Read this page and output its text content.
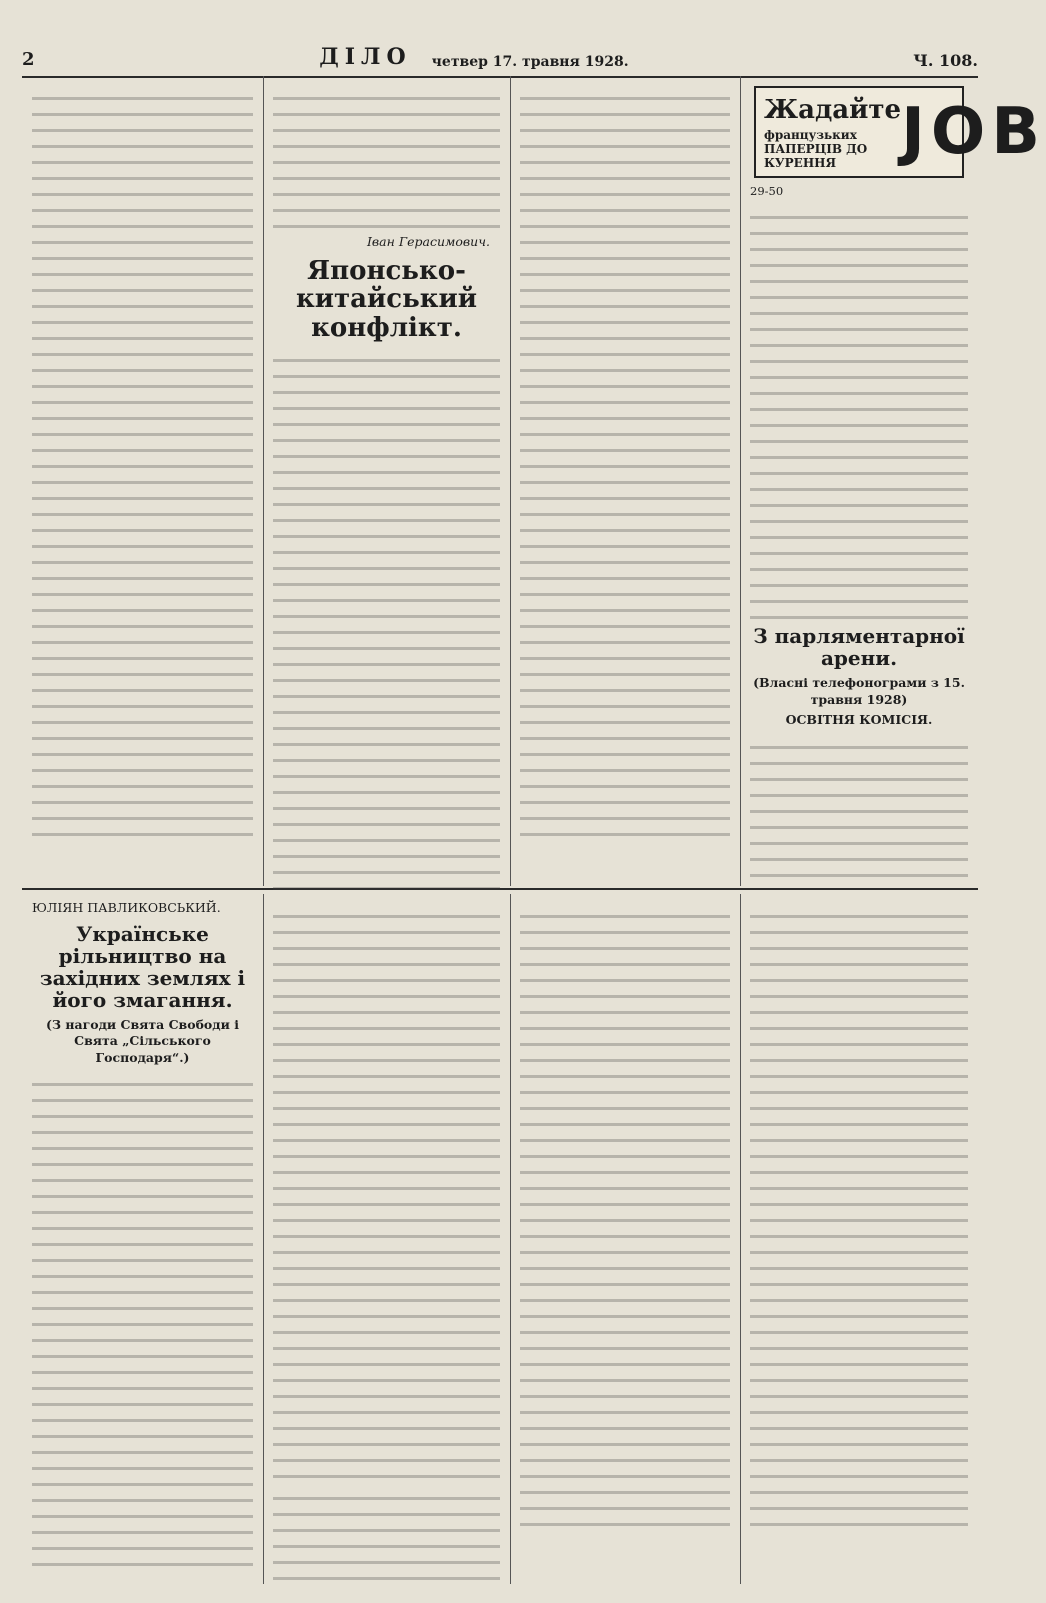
2	ДІЛО четвер 17. травня 1928.	Ч. 108.
Іван Герасимович.
Японсько-китайський конфлікт.
Жадайте
французьких ПАПЕРЦІВ ДО КУРЕННЯ	JOB
29-50
З парляментарної арени.
(Власні телефонограми з 15. травня 1928)
ОСВІТНЯ КОМІСІЯ.
ЮЛІЯН ПАВЛИКОВСЬКИЙ.
Українське рільництво на західних землях і його змагання.
(З нагоди Свята Свободи і Свята „Сільського Господаря“.)
